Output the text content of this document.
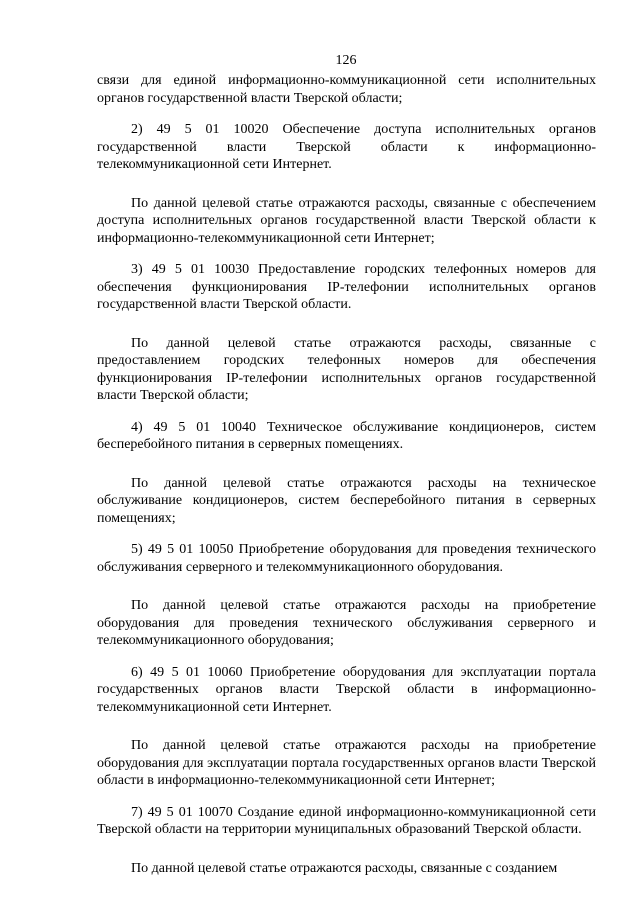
126

связи для единой информационно-коммуникационной сети исполнительных органов государственной власти Тверской области;

2) 49 5 01 10020 Обеспечение доступа исполнительных органов государственной власти Тверской области к информационно-телекоммуникационной сети Интернет.

По данной целевой статье отражаются расходы, связанные с обеспечением доступа исполнительных органов государственной власти Тверской области к информационно-телекоммуникационной сети Интернет;

3) 49 5 01 10030 Предоставление городских телефонных номеров для обеспечения функционирования IP-телефонии исполнительных органов государственной власти Тверской области.

По данной целевой статье отражаются расходы, связанные с предоставлением городских телефонных номеров для обеспечения функционирования IP-телефонии исполнительных органов государственной власти Тверской области;

4) 49 5 01 10040 Техническое обслуживание кондиционеров, систем бесперебойного питания в серверных помещениях.

По данной целевой статье отражаются расходы на техническое обслуживание кондиционеров, систем бесперебойного питания в серверных помещениях;

5) 49 5 01 10050 Приобретение оборудования для проведения технического обслуживания серверного и телекоммуникационного оборудования.

По данной целевой статье отражаются расходы на приобретение оборудования для проведения технического обслуживания серверного и телекоммуникационного оборудования;

6) 49 5 01 10060 Приобретение оборудования для эксплуатации портала государственных органов власти Тверской области в информационно-телекоммуникационной сети Интернет.

По данной целевой статье отражаются расходы на приобретение оборудования для эксплуатации портала государственных органов власти Тверской области в информационно-телекоммуникационной сети Интернет;

7) 49 5 01 10070 Создание единой информационно-коммуникационной сети Тверской области на территории муниципальных образований Тверской области.

По данной целевой статье отражаются расходы, связанные с созданием
